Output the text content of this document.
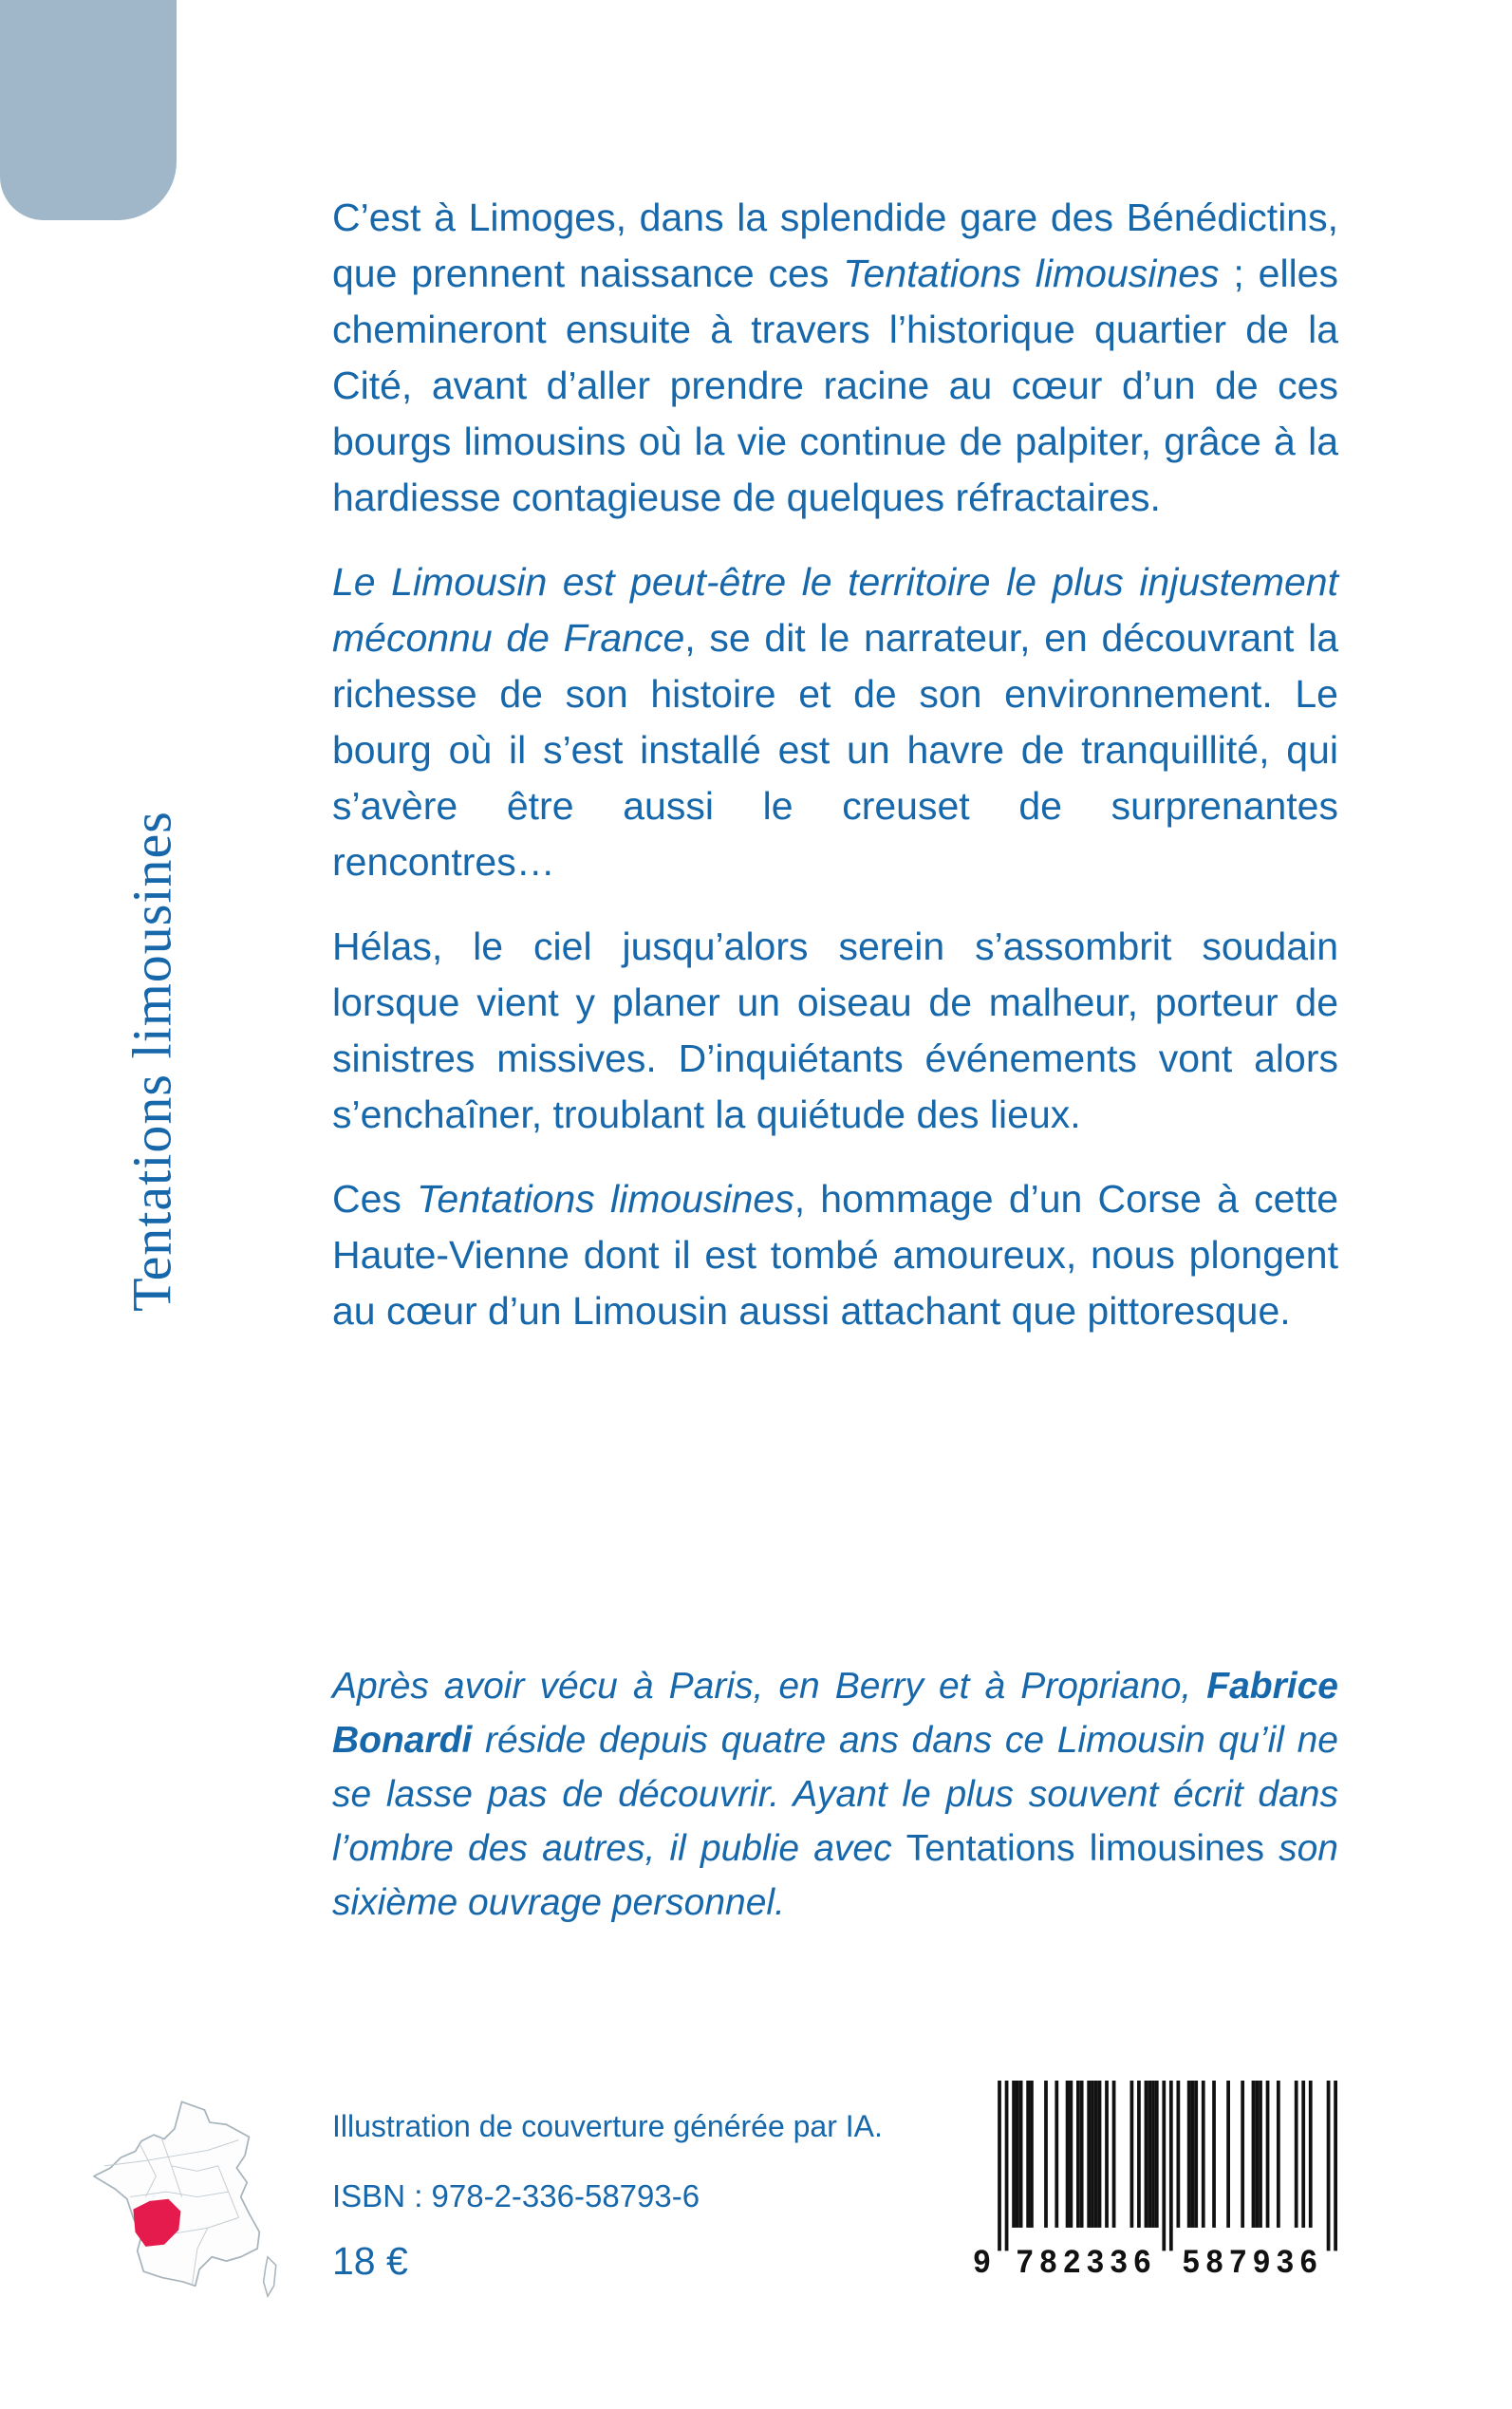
Tentations limousines

C’est à Limoges, dans la splendide gare des Bénédictins, que prennent naissance ces Tentations limousines ; elles chemineront ensuite à travers l’historique quartier de la Cité, avant d’aller prendre racine au cœur d’un de ces bourgs limousins où la vie continue de palpiter, grâce à la hardiesse contagieuse de quelques réfractaires.

Le Limousin est peut-être le territoire le plus injustement méconnu de France, se dit le narrateur, en découvrant la richesse de son histoire et de son environnement. Le bourg où il s’est installé est un havre de tranquillité, qui s’avère être aussi le creuset de surprenantes rencontres…

Hélas, le ciel jusqu’alors serein s’assombrit soudain lorsque vient y planer un oiseau de malheur, porteur de sinistres missives. D’inquiétants événements vont alors s’enchaîner, troublant la quiétude des lieux.

Ces Tentations limousines, hommage d’un Corse à cette Haute-Vienne dont il est tombé amoureux, nous plongent au cœur d’un Limousin aussi attachant que pittoresque.

Après avoir vécu à Paris, en Berry et à Propriano, Fabrice Bonardi réside depuis quatre ans dans ce Limousin qu’il ne se lasse pas de découvrir. Ayant le plus souvent écrit dans l’ombre des autres, il publie avec Tentations limousines son sixième ouvrage personnel.
Illustration de couverture générée par IA.
ISBN : 978-2-336-58793-6
18 €	9	782336	587936
